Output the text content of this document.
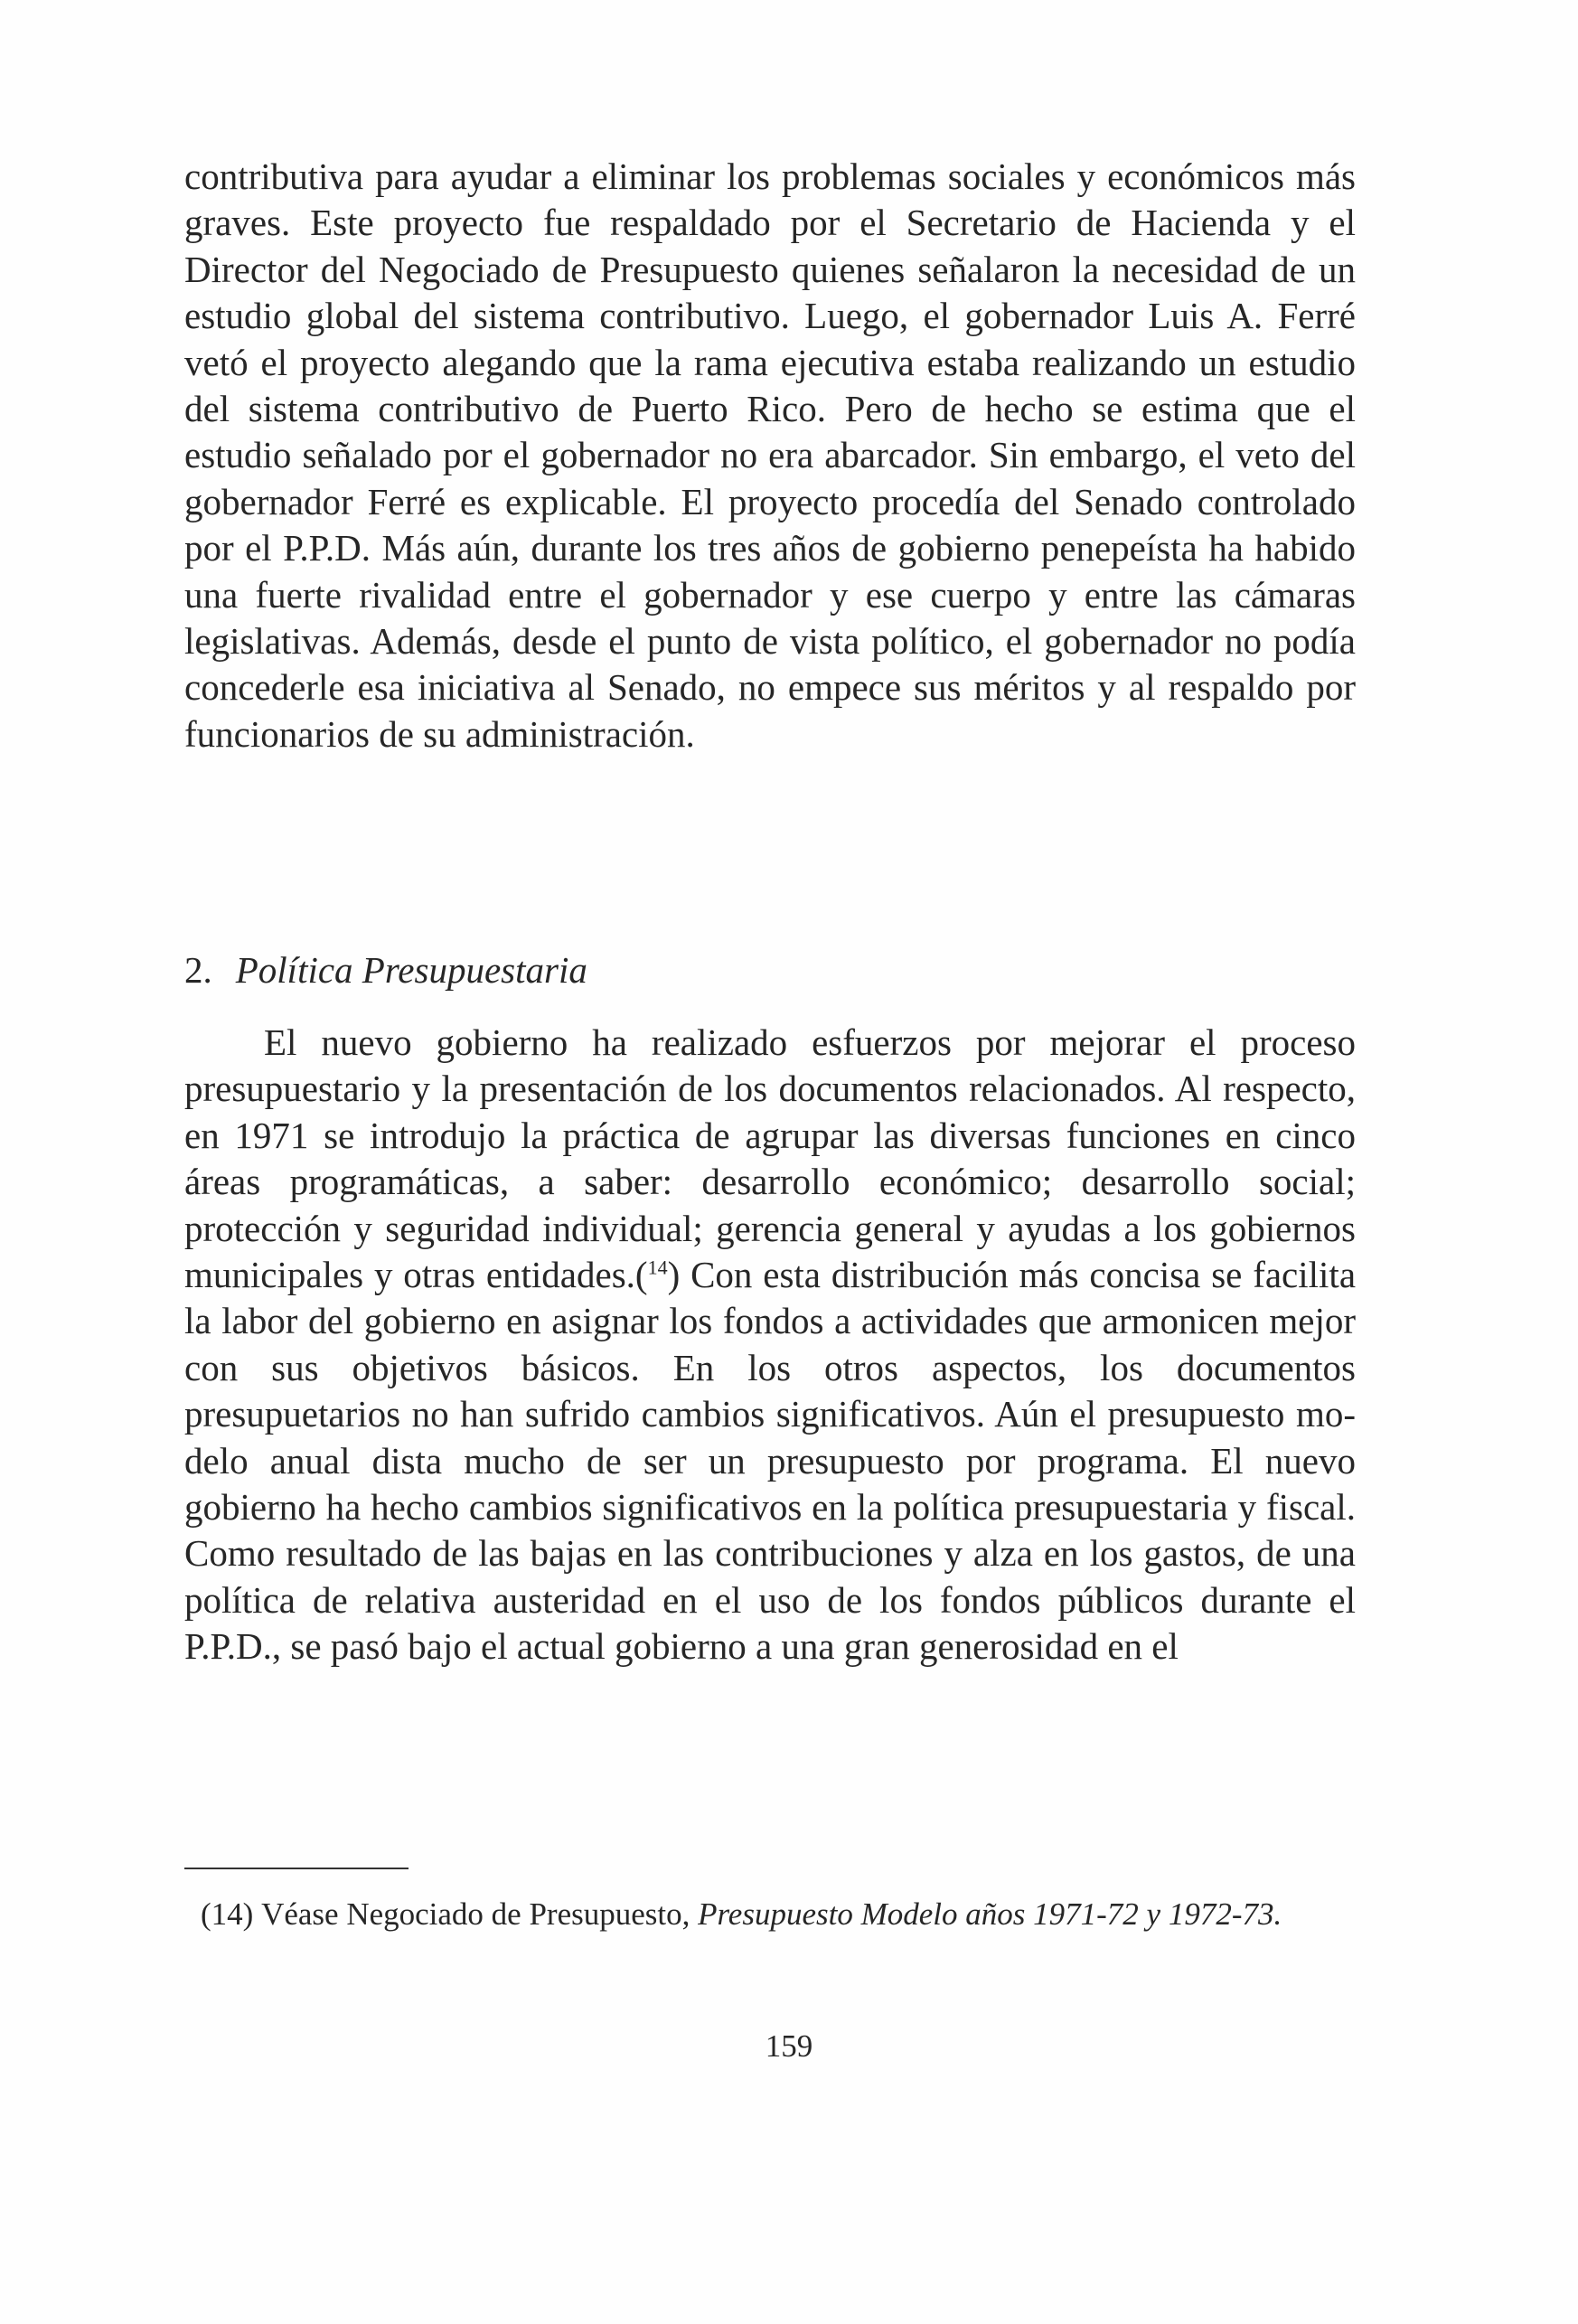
contributiva para ayudar a eliminar los problemas sociales y económicos más graves. Este proyecto fue respaldado por el Secretario de Hacienda y el Director del Negociado de Presupuesto quienes señalaron la necesidad de un estudio global del sistema contributivo. Luego, el gobernador Luis A. Ferré vetó el proyecto alegando que la rama ejecutiva estaba realizando un estudio del sistema contributivo de Puerto Rico. Pero de hecho se estima que el estudio señalado por el gobernador no era abarcador. Sin embargo, el veto del gobernador Ferré es explicable. El proyecto procedía del Senado controlado por el P.P.D. Más aún, durante los tres años de gobierno penepeísta ha habido una fuerte rivalidad entre el gobernador y ese cuerpo y entre las cámaras legislativas. Además, desde el punto de vista político, el gobernador no podía concederle esa iniciativa al Senado, no empece sus méritos y al respaldo por funcionarios de su administración.

2. Política Presupuestaria

El nuevo gobierno ha realizado esfuerzos por mejorar el proceso presupuestario y la presentación de los documentos relacionados. Al respecto, en 1971 se introdujo la práctica de agrupar las diversas funciones en cinco áreas programáticas, a saber: desarrollo económico; desarrollo social; protección y seguridad individual; gerencia general y ayudas a los gobiernos municipales y otras entidades.($^{14}$) Con esta distribución más concisa se facilita la labor del gobierno en asignar los fondos a actividades que armonicen mejor con sus objetivos básicos. En los otros aspectos, los documentos presupuetarios no han sufrido cambios significativos. Aún el presupuesto modelo anual dista mucho de ser un presupuesto por programa. El nuevo gobierno ha hecho cambios significativos en la política presupuestaria y fiscal. Como resultado de las bajas en las contribuciones y alza en los gastos, de una política de relativa austeridad en el uso de los fondos públicos durante el P.P.D., se pasó bajo el actual gobierno a una gran generosidad en el

(14) Véase Negociado de Presupuesto, Presupuesto Modelo años 1971-72 y 1972-73.

159
